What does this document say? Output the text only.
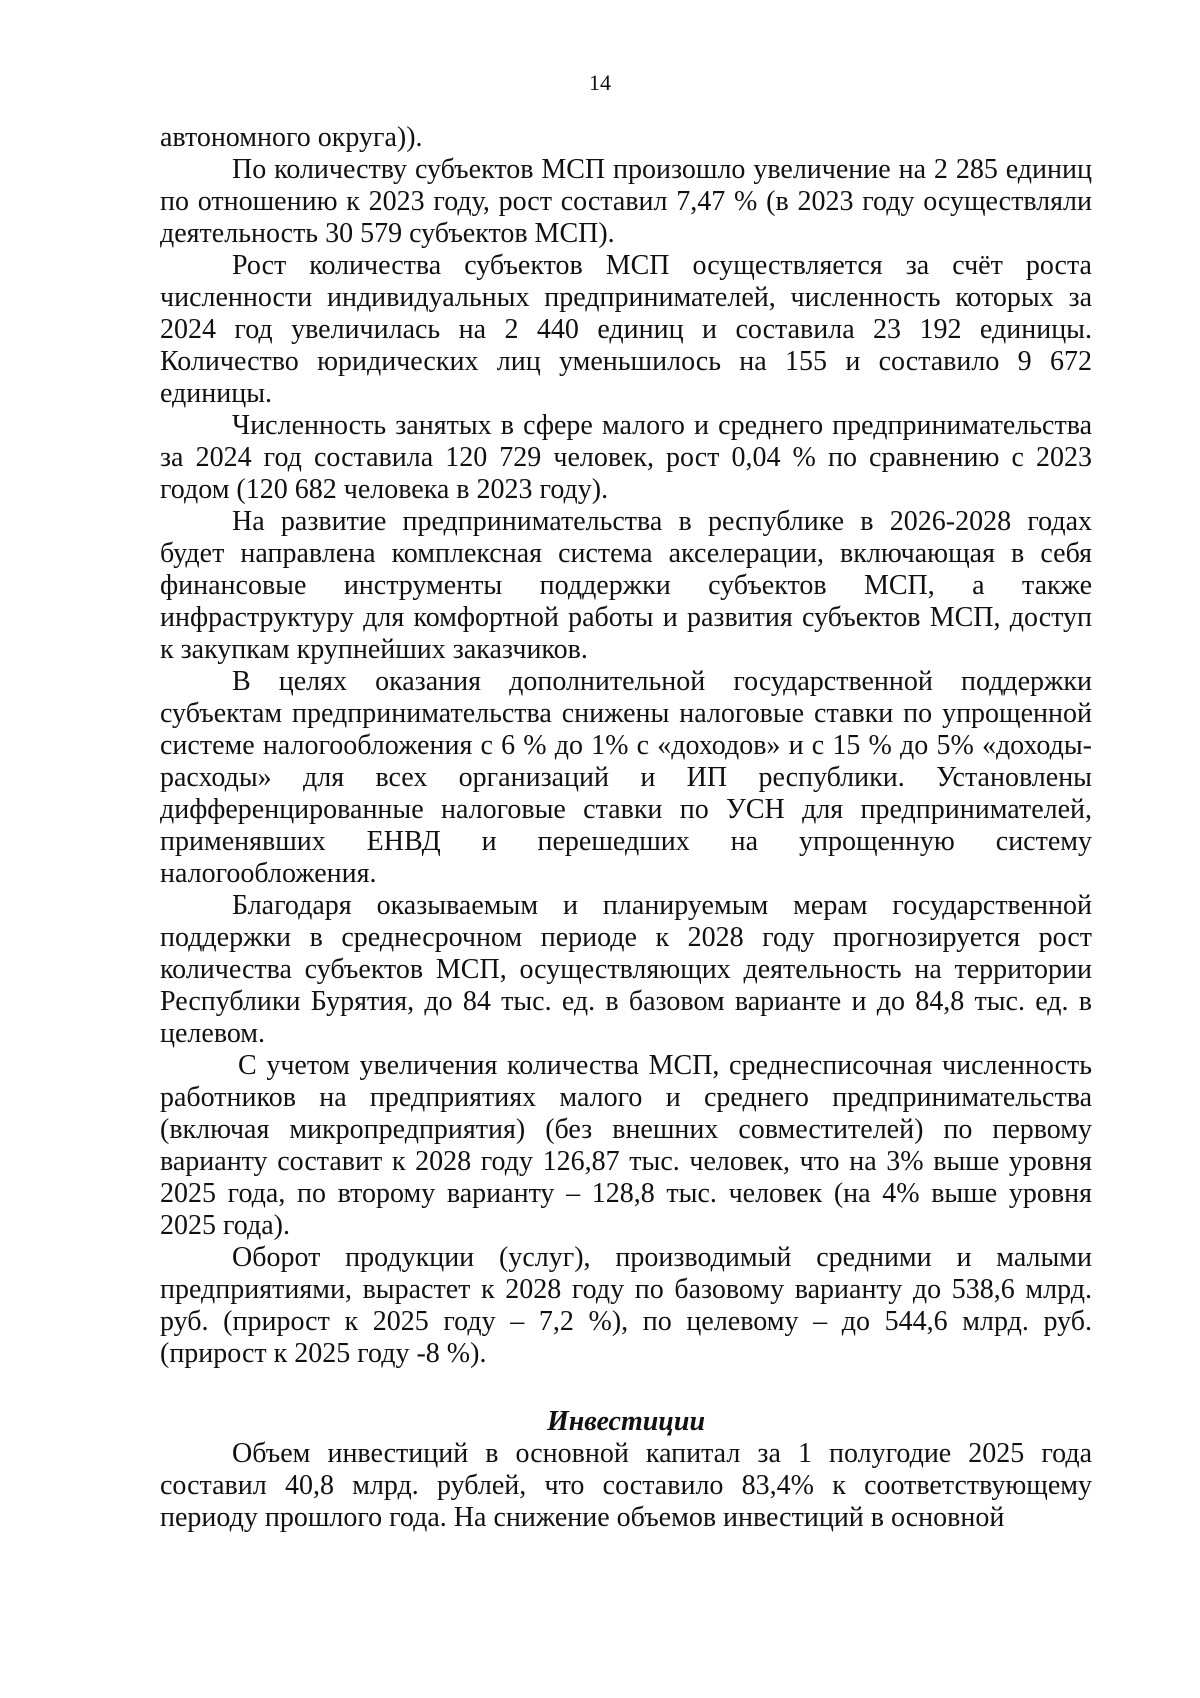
14

автономного округа)).

По количеству субъектов МСП произошло увеличение на 2 285 единиц по отношению к 2023 году, рост составил 7,47 % (в 2023 году осуществляли деятельность 30 579 субъектов МСП).

Рост количества субъектов МСП осуществляется за счёт роста численности индивидуальных предпринимателей, численность которых за 2024 год увеличилась на 2 440 единиц и составила 23 192 единицы. Количество юридических лиц уменьшилось на 155 и составило 9 672 единицы.

Численность занятых в сфере малого и среднего предпринимательства за 2024 год составила 120 729 человек, рост 0,04 % по сравнению с 2023 годом (120 682 человека в 2023 году).

На развитие предпринимательства в республике в 2026-2028 годах будет направлена комплексная система акселерации, включающая в себя финансовые инструменты поддержки субъектов МСП, а также инфраструктуру для комфортной работы и развития субъектов МСП, доступ к закупкам крупнейших заказчиков.

В целях оказания дополнительной государственной поддержки субъектам предпринимательства снижены налоговые ставки по упрощенной системе налогообложения с 6 % до 1% с «доходов» и с 15 % до 5% «доходы-расходы» для всех организаций и ИП республики. Установлены дифференцированные налоговые ставки по УСН для предпринимателей, применявших ЕНВД и перешедших на упрощенную систему налогообложения.

Благодаря оказываемым и планируемым мерам государственной поддержки в среднесрочном периоде к 2028 году прогнозируется рост количества субъектов МСП, осуществляющих деятельность на территории Республики Бурятия, до 84 тыс. ед. в базовом варианте и до 84,8 тыс. ед. в целевом.

С учетом увеличения количества МСП, среднесписочная численность работников на предприятиях малого и среднего предпринимательства (включая микропредприятия) (без внешних совместителей) по первому варианту составит к 2028 году 126,87 тыс. человек, что на 3% выше уровня 2025 года, по второму варианту – 128,8 тыс. человек (на 4% выше уровня 2025 года).

Оборот продукции (услуг), производимый средними и малыми предприятиями, вырастет к 2028 году по базовому варианту до 538,6 млрд. руб. (прирост к 2025 году – 7,2 %), по целевому – до 544,6 млрд. руб. (прирост к 2025 году -8 %).

Инвестиции

Объем инвестиций в основной капитал за 1 полугодие 2025 года составил 40,8 млрд. рублей, что составило 83,4% к соответствующему периоду прошлого года. На снижение объемов инвестиций в основной
